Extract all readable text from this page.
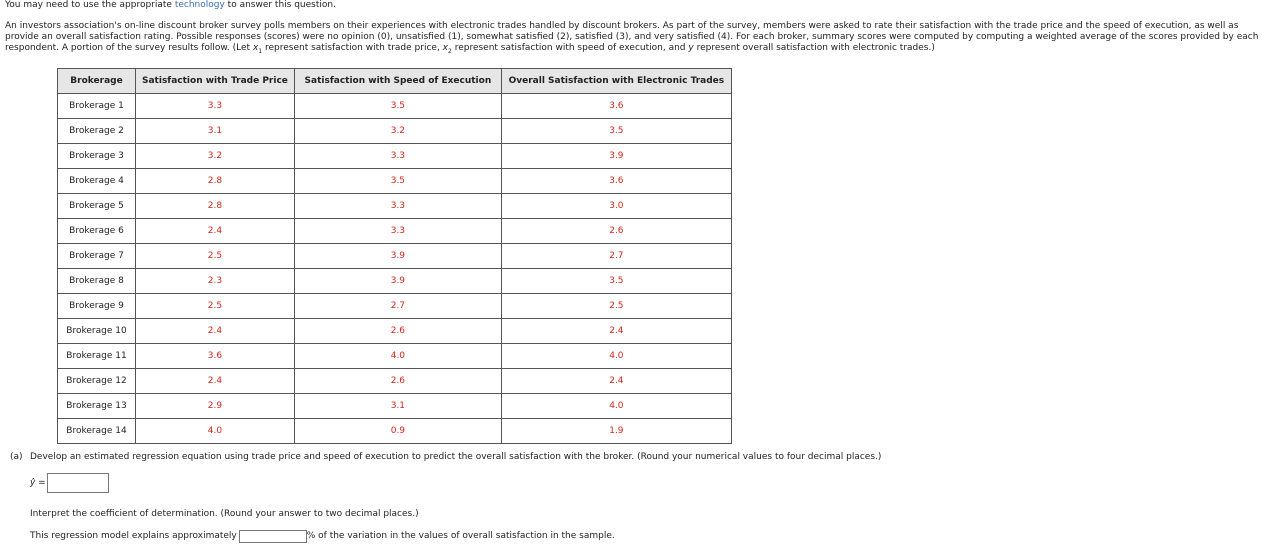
You may need to use the appropriate technology to answer this question.
An investors association's on-line discount broker survey polls members on their experiences with electronic trades handled by discount brokers. As part of the survey, members were asked to rate their satisfaction with the trade price and the speed of execution, as well as provide an overall satisfaction rating. Possible responses (scores) were no opinion (0), unsatisfied (1), somewhat satisfied (2), satisfied (3), and very satisfied (4). For each broker, summary scores were computed by computing a weighted average of the scores provided by each respondent. A portion of the survey results follow. (Let $x_1$ represent satisfaction with trade price, $x_2$ represent satisfaction with speed of execution, and y represent overall satisfaction with electronic trades.)
Brokerage	Satisfaction with Trade Price	Satisfaction with Speed of Execution	Overall Satisfaction with Electronic Trades
Brokerage 1	3.3	3.5	3.6
Brokerage 2	3.1	3.2	3.5
Brokerage 3	3.2	3.3	3.9
Brokerage 4	2.8	3.5	3.6
Brokerage 5	2.8	3.3	3.0
Brokerage 6	2.4	3.3	2.6
Brokerage 7	2.5	3.9	2.7
Brokerage 8	2.3	3.9	3.5
Brokerage 9	2.5	2.7	2.5
Brokerage 10	2.4	2.6	2.4
Brokerage 11	3.6	4.0	4.0
Brokerage 12	2.4	2.6	2.4
Brokerage 13	2.9	3.1	4.0
Brokerage 14	4.0	0.9	1.9
(a) Develop an estimated regression equation using trade price and speed of execution to predict the overall satisfaction with the broker. (Round your numerical values to four decimal places.)
ŷ =
Interpret the coefficient of determination. (Round your answer to two decimal places.)
This regression model explains approximately	% of the variation in the values of overall satisfaction in the sample.
